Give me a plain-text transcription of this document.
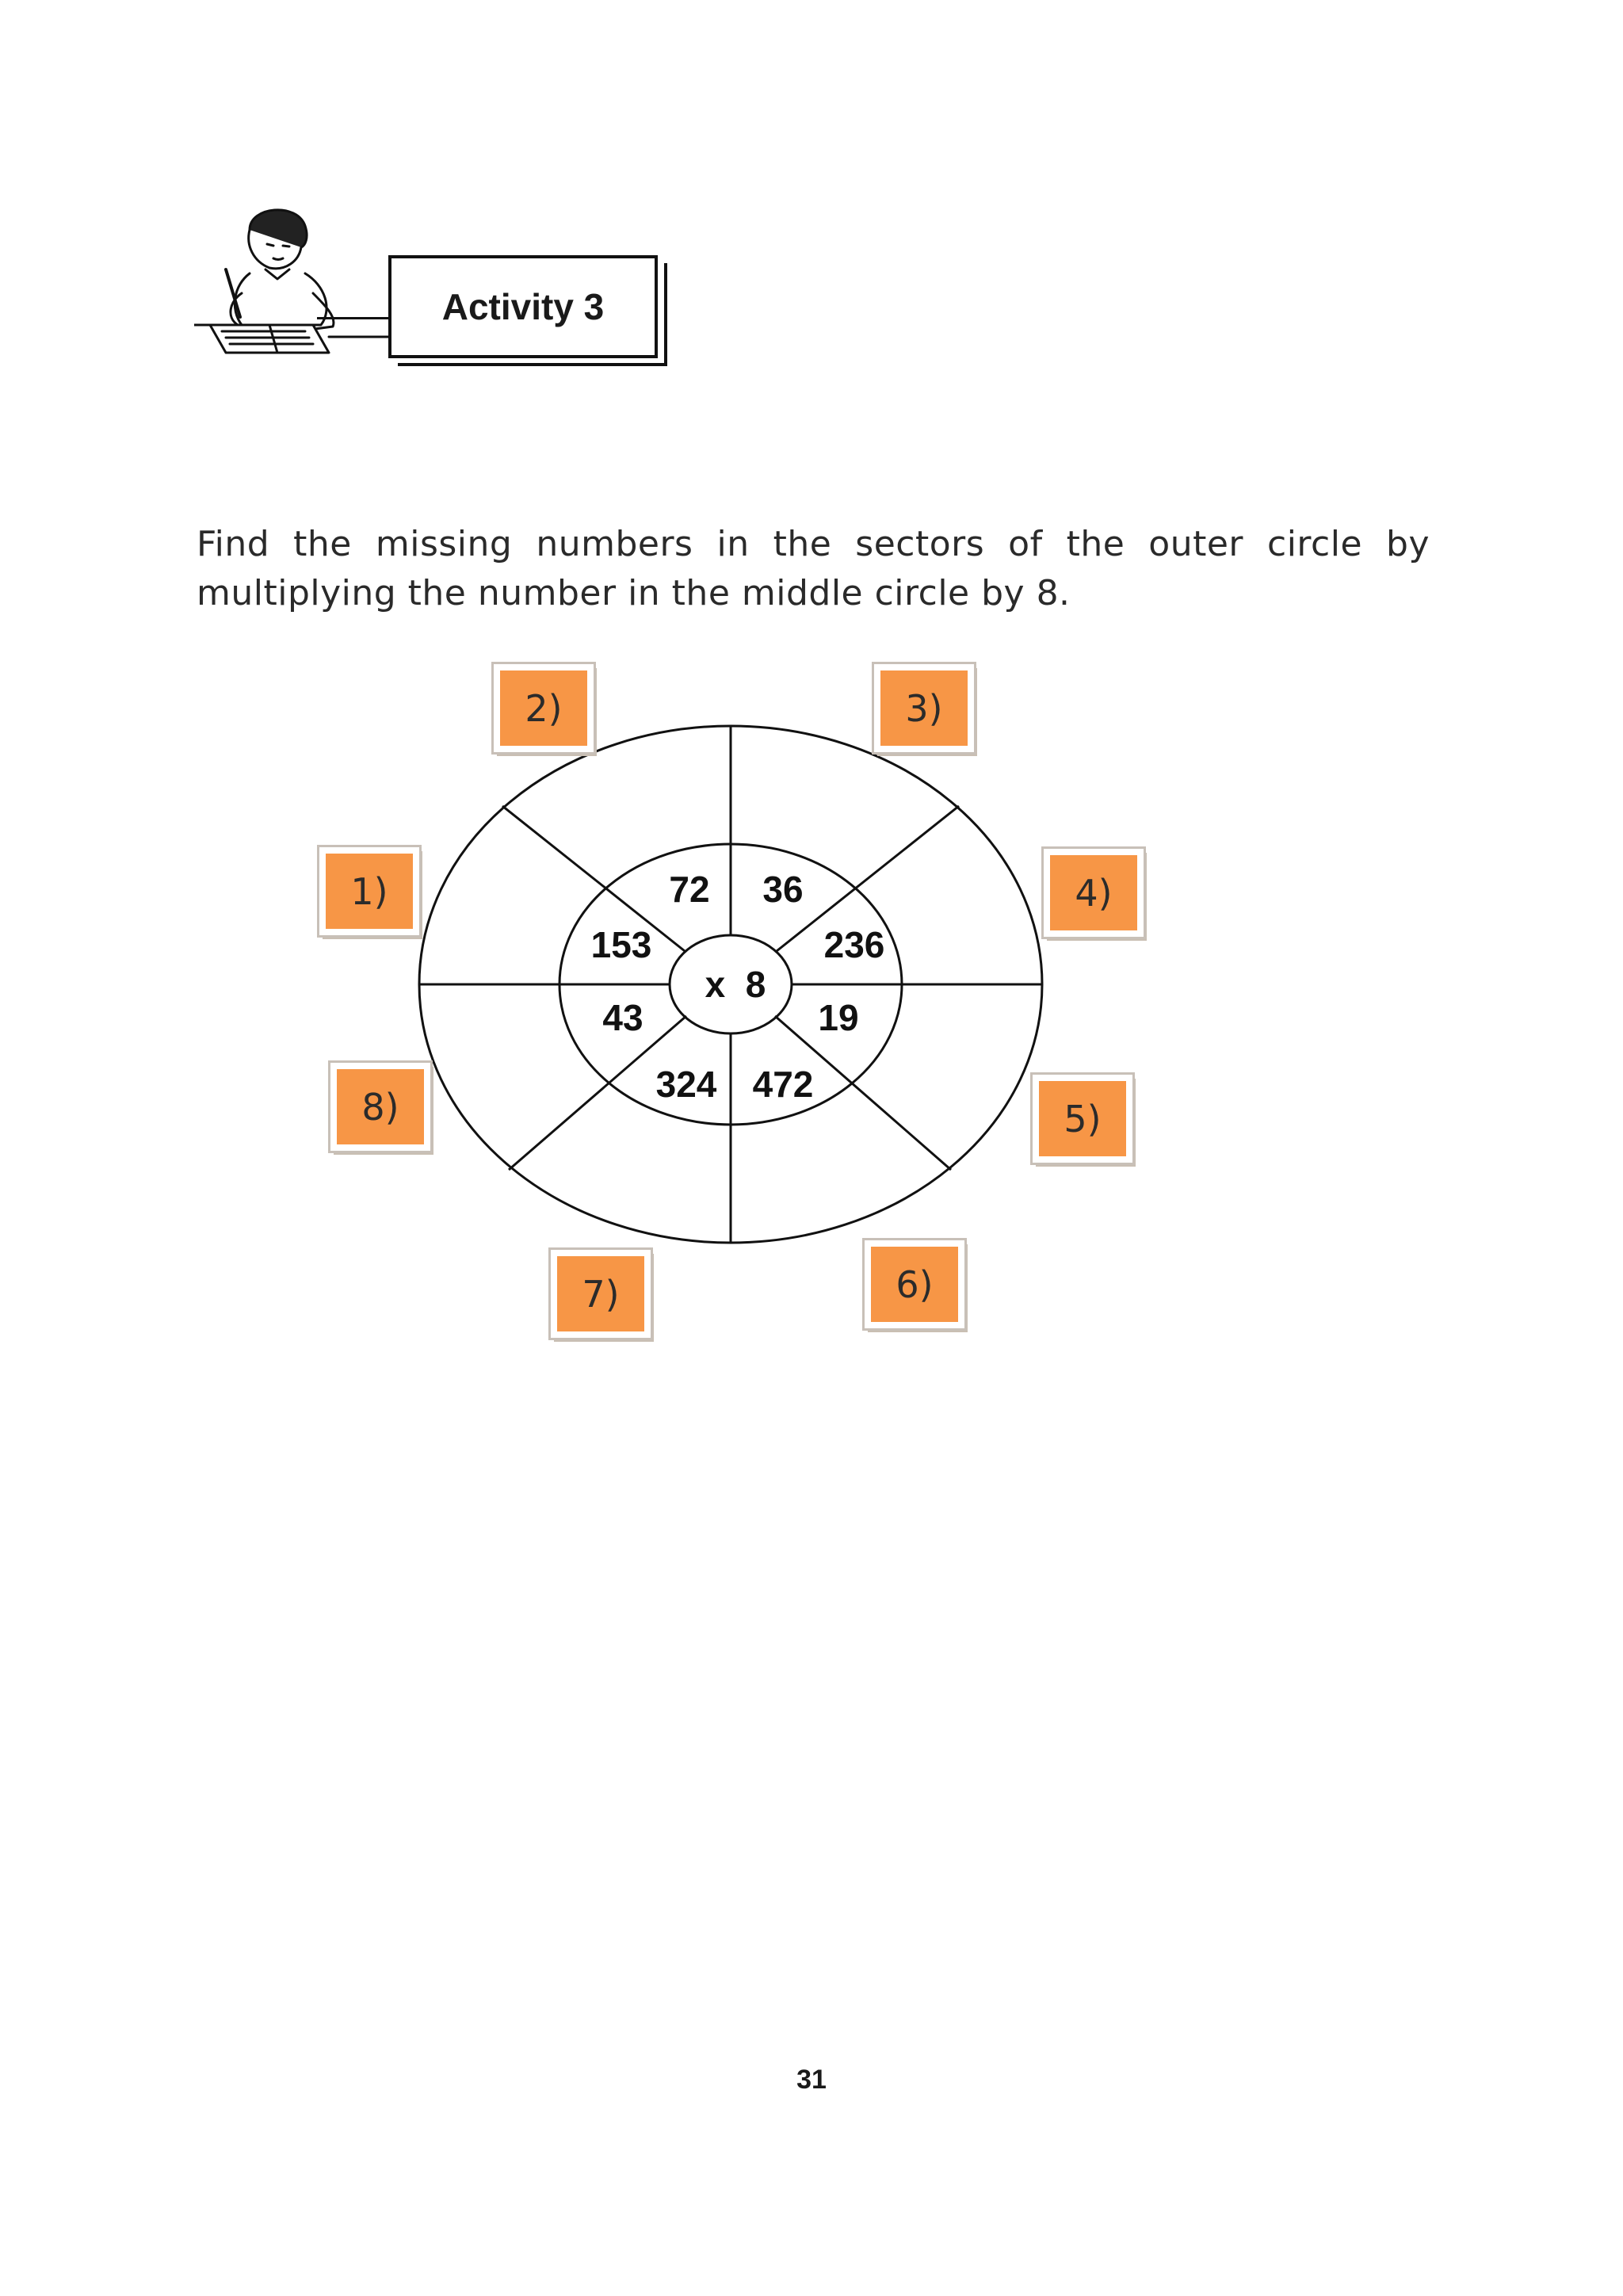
Activity 3

Find the missing numbers in the sectors of the outer circle by multiplying the number in the middle circle by 8.

72 36
236
19
472
324
43
153
x  8
1)
2)	3)
4)
5)
6)
7)
8)
31
